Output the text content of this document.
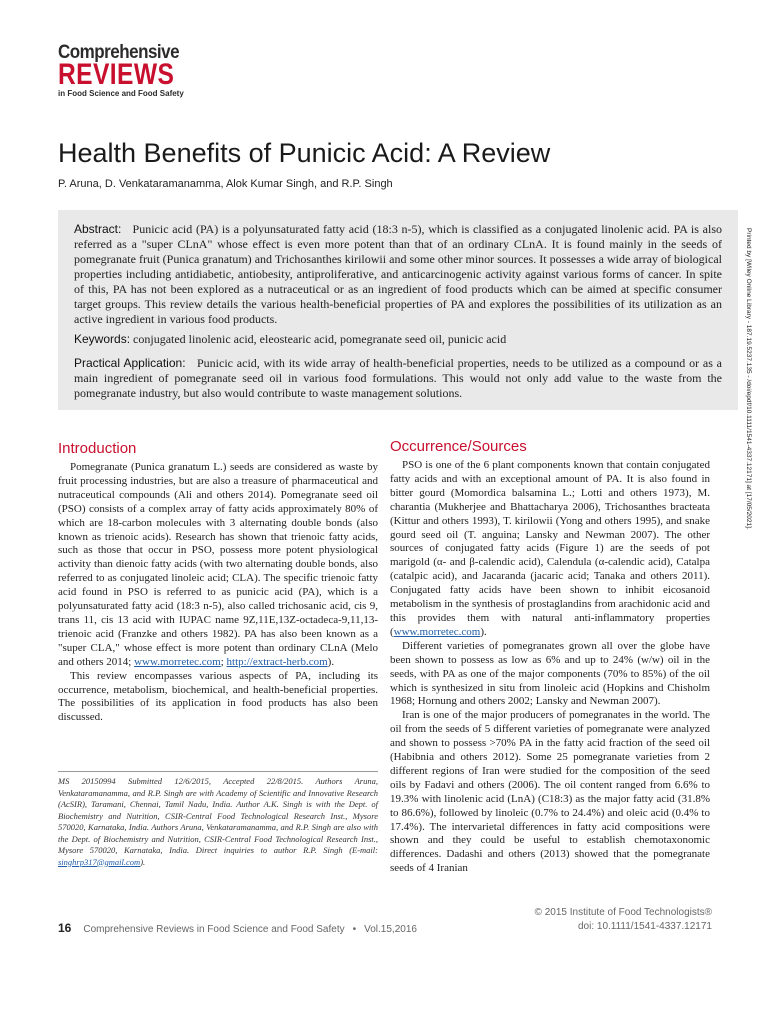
Comprehensive
REVIEWS
in Food Science and Food Safety
Health Benefits of Punicic Acid: A Review
P. Aruna, D. Venkataramanamma, Alok Kumar Singh, and R.P. Singh
Abstract: Punicic acid (PA) is a polyunsaturated fatty acid (18:3 n-5), which is classified as a conjugated linolenic acid. PA is also referred as a "super CLnA" whose effect is even more potent than that of an ordinary CLnA. It is found mainly in the seeds of pomegranate fruit (Punica granatum) and Trichosanthes kirilowii and some other minor sources. It possesses a wide array of biological properties including antidiabetic, antiobesity, antiproliferative, and anticarcinogenic activity against various forms of cancer. In spite of this, PA has not been explored as a nutraceutical or as an ingredient of food products which can be aimed at specific consumer target groups. This review details the various health-beneficial properties of PA and explores the possibilities of its utilization as an active ingredient in various food products.
Keywords: conjugated linolenic acid, eleostearic acid, pomegranate seed oil, punicic acid
Practical Application: Punicic acid, with its wide array of health-beneficial properties, needs to be utilized as a compound or as a main ingredient of pomegranate seed oil in various food formulations. This would not only add value to the waste from the pomegranate industry, but also would contribute to waste management solutions.	Printed by [Wiley Online Library - 187.19.5237.135 - /doi/epdf/10.1111/1541-4337.12171] at [17/05/2021].
Introduction

Pomegranate (Punica granatum L.) seeds are considered as waste by fruit processing industries, but are also a treasure of pharmaceutical and nutraceutical compounds (Ali and others 2014). Pomegranate seed oil (PSO) consists of a complex array of fatty acids approximately 80% of which are 18-carbon molecules with 3 alternating double bonds (also known as trienoic acids). Research has shown that trienoic fatty acids, such as those that occur in PSO, possess more potent physiological activity than dienoic fatty acids (with two alternating double bonds, also referred to as conjugated linoleic acid; CLA). The specific trienoic fatty acid found in PSO is referred to as punicic acid (PA), which is a polyunsaturated fatty acid (18:3 n-5), also called trichosanic acid, cis 9, trans 11, cis 13 acid with IUPAC name 9Z,11E,13Z-octadeca-9,11,13-trienoic acid (Franzke and others 1982). PA has also been known as a "super CLA," whose effect is more potent than ordinary CLnA (Melo and others 2014; www.morretec.com; http://extract-herb.com).

This review encompasses various aspects of PA, including its occurrence, metabolism, biochemical, and health-beneficial properties. The possibilities of its application in food products has also been discussed.

MS 20150994 Submitted 12/6/2015, Accepted 22/8/2015. Authors Aruna, Venkataramanamma, and R.P. Singh are with Academy of Scientific and Innovative Research (AcSIR), Taramani, Chennai, Tamil Nadu, India. Author A.K. Singh is with the Dept. of Biochemistry and Nutrition, CSIR-Central Food Technological Research Inst., Mysore 570020, Karnataka, India. Authors Aruna, Venkataramanamma, and R.P. Singh are also with the Dept. of Biochemistry and Nutrition, CSIR-Central Food Technological Research Inst., Mysore 570020, Karnataka, India. Direct inquiries to author R.P. Singh (E-mail: singhrp317@gmail.com).
Occurrence/Sources

PSO is one of the 6 plant components known that contain conjugated fatty acids and with an exceptional amount of PA. It is also found in bitter gourd (Momordica balsamina L.; Lotti and others 1973), M. charantia (Mukherjee and Bhattacharya 2006), Trichosanthes bracteata (Kittur and others 1993), T. kirilowii (Yong and others 1995), and snake gourd seed oil (T. anguina; Lansky and Newman 2007). The other sources of conjugated fatty acids (Figure 1) are the seeds of pot marigold (α- and β-calendic acid), Calendula (α-calendic acid), Catalpa (catalpic acid), and Jacaranda (jacaric acid; Tanaka and others 2011). Conjugated fatty acids have been shown to inhibit eicosanoid metabolism in the synthesis of prostaglandins from arachidonic acid and this provides them with natural anti-inflammatory properties (www.morretec.com).

Different varieties of pomegranates grown all over the globe have been shown to possess as low as 6% and up to 24% (w/w) oil in the seeds, with PA as one of the major components (70% to 85%) of the oil which is synthesized in situ from linoleic acid (Hopkins and Chisholm 1968; Hornung and others 2002; Lansky and Newman 2007).

Iran is one of the major producers of pomegranates in the world. The oil from the seeds of 5 different varieties of pomegranate were analyzed and shown to possess >70% PA in the fatty acid fraction of the seed oil (Habibnia and others 2012). Some 25 pomegranate varieties from 2 different regions of Iran were studied for the composition of the seed oils by Fadavi and others (2006). The oil content ranged from 6.6% to 19.3% with linolenic acid (LnA) (C18:3) as the major fatty acid (31.8% to 86.6%), followed by linoleic (0.7% to 24.4%) and oleic acid (0.4% to 17.4%). The intervarietal differences in fatty acid compositions were shown and they could be useful to establish chemotaxonomic differences. Dadashi and others (2013) showed that the pomegranate seeds of 4 Iranian

16 Comprehensive Reviews in Food Science and Food Safety • Vol.15,2016
© 2015 Institute of Food Technologists®
doi: 10.1111/1541-4337.12171
